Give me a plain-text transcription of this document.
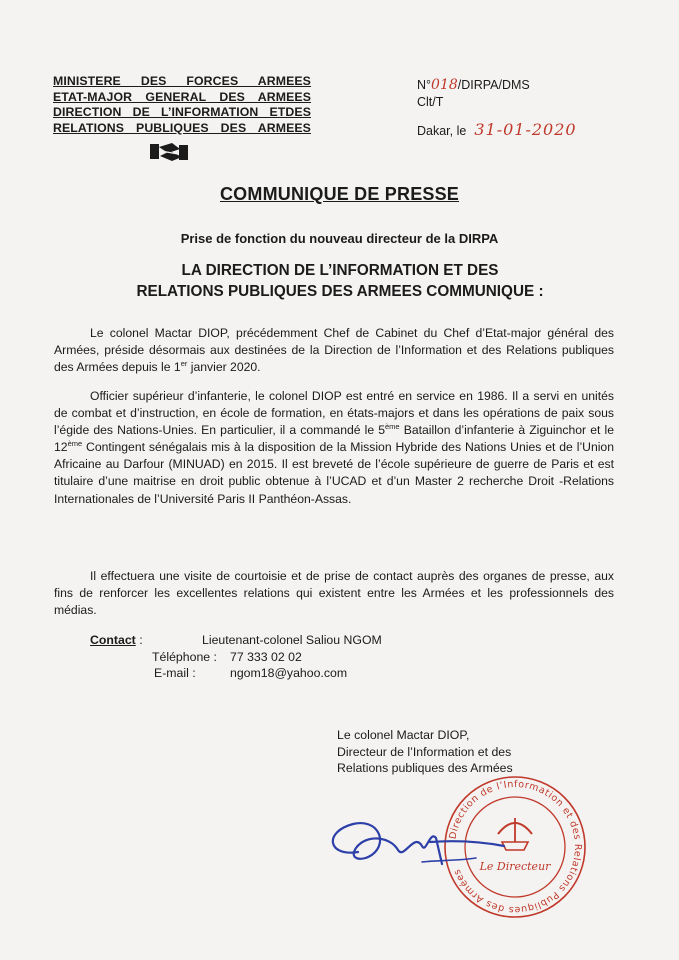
MINISTERE DES FORCES ARMEES
ETAT-MAJOR GENERAL DES ARMEES
DIRECTION DE L’INFORMATION ETDES
RELATIONS PUBLIQUES DES ARMEES
N°018/DIRPA/DMS
Clt/T
Dakar, le 31-01-2020
COMMUNIQUE DE PRESSE
Prise de fonction du nouveau directeur de la DIRPA
LA DIRECTION DE L’INFORMATION ET DES
RELATIONS PUBLIQUES DES ARMEES COMMUNIQUE :
Le colonel Mactar DIOP, précédemment Chef de Cabinet du Chef d’Etat-major général des Armées, préside désormais aux destinées de la Direction de l’Information et des Relations publiques des Armées depuis le 1er janvier 2020.
Officier supérieur d’infanterie, le colonel DIOP est entré en service en 1986. Il a servi en unités de combat et d’instruction, en école de formation, en états-majors et dans les opérations de paix sous l’égide des Nations-Unies. En particulier, il a commandé le 5ème Bataillon d’infanterie à Ziguinchor et le 12ème Contingent sénégalais mis à la disposition de la Mission Hybride des Nations Unies et de l’Union Africaine au Darfour (MINUAD) en 2015. Il est breveté de l’école supérieure de guerre de Paris et est titulaire d’une maitrise en droit public obtenue à l’UCAD et d’un Master 2 recherche Droit -Relations Internationales de l’Université Paris II Panthéon-Assas.
Il effectuera une visite de courtoisie et de prise de contact auprès des organes de presse, aux fins de renforcer les excellentes relations qui existent entre les Armées et les professionnels des médias.
Contact :	Lieutenant-colonel Saliou NGOM
Téléphone : 77 333 02 02
E-mail :	ngom18@yahoo.com
Le colonel Mactar DIOP,
Directeur de l’Information et des
Relations publiques des Armées
Direction de l’Information et des Relations Publiques des Armées	Le Directeur
